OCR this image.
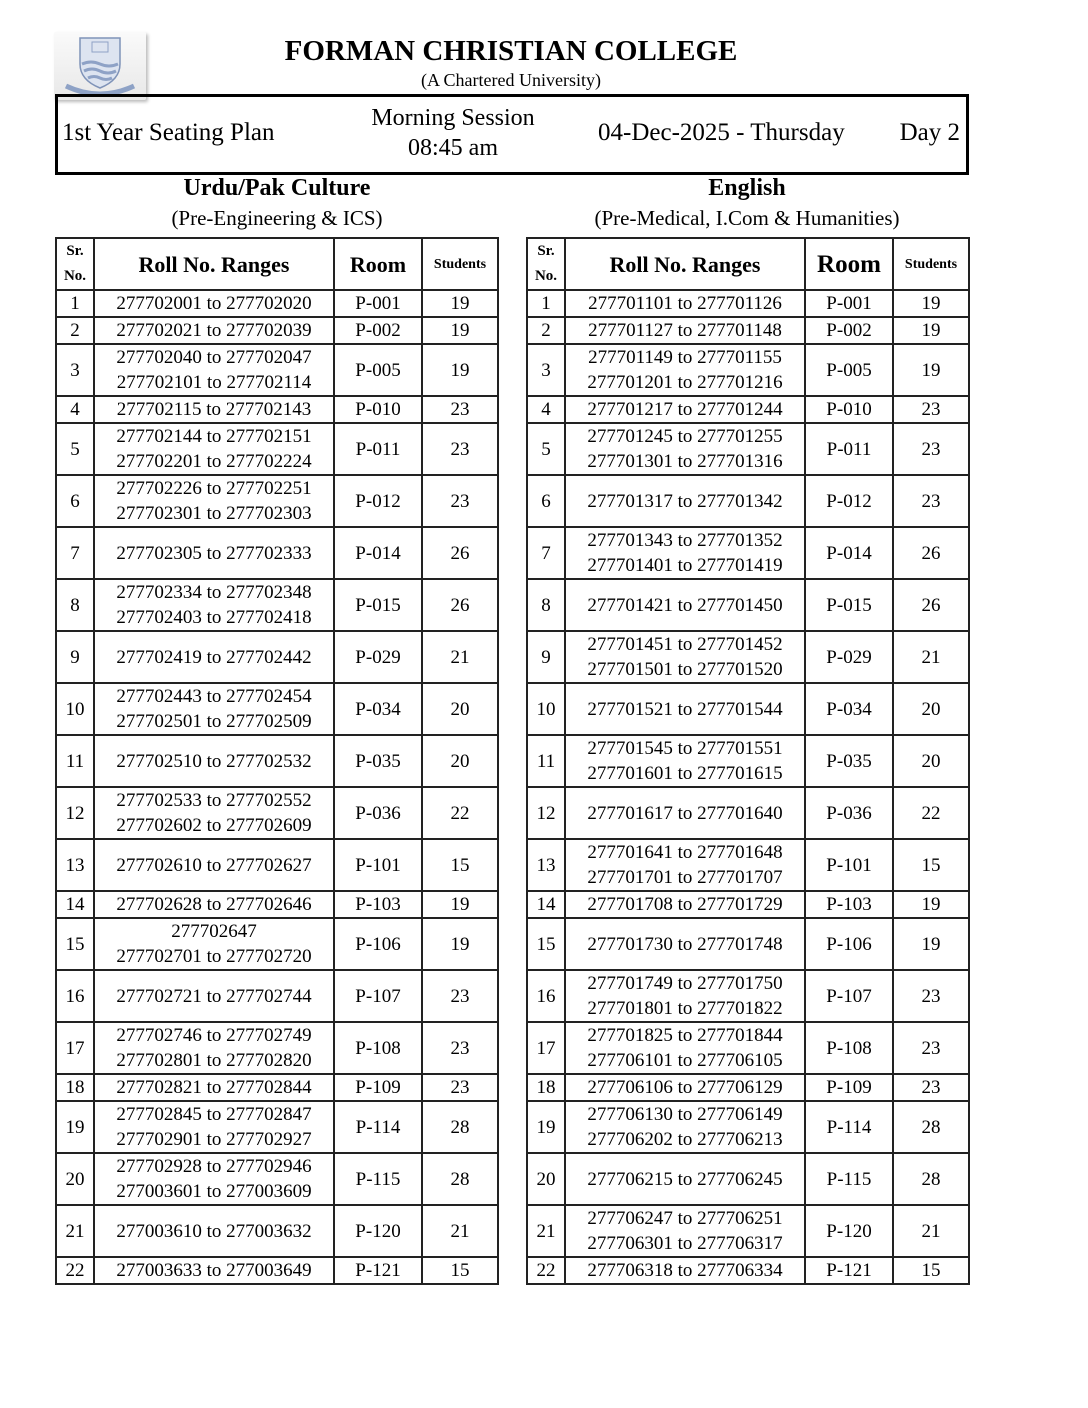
FORMAN CHRISTIAN COLLEGE
(A Chartered University)
1st Year Seating Plan
Morning Session
08:45 am
04-Dec-2025 - Thursday Day 2
Urdu/Pak Culture
(Pre-Engineering & ICS)
English
(Pre-Medical, I.Com & Humanities)
Sr.
No.	Roll No. Ranges	Room	Students
1	277702001 to 277702020	P-001	19
2	277702021 to 277702039	P-002	19
3	277702040 to 277702047
277702101 to 277702114	P-005	19
4	277702115 to 277702143	P-010	23
5	277702144 to 277702151
277702201 to 277702224	P-011	23
6	277702226 to 277702251
277702301 to 277702303	P-012	23
7	277702305 to 277702333	P-014	26
8	277702334 to 277702348
277702403 to 277702418	P-015	26
9	277702419 to 277702442	P-029	21
10	277702443 to 277702454
277702501 to 277702509	P-034	20
11	277702510 to 277702532	P-035	20
12	277702533 to 277702552
277702602 to 277702609	P-036	22
13	277702610 to 277702627	P-101	15
14	277702628 to 277702646	P-103	19
15	277702647
277702701 to 277702720	P-106	19
16	277702721 to 277702744	P-107	23
17	277702746 to 277702749
277702801 to 277702820	P-108	23
18	277702821 to 277702844	P-109	23
19	277702845 to 277702847
277702901 to 277702927	P-114	28
20	277702928 to 277702946
277003601 to 277003609	P-115	28
21	277003610 to 277003632	P-120	21
22	277003633 to 277003649	P-121	15
Sr.
No.	Roll No. Ranges	Room	Students
1	277701101 to 277701126	P-001	19
2	277701127 to 277701148	P-002	19
3	277701149 to 277701155
277701201 to 277701216	P-005	19
4	277701217 to 277701244	P-010	23
5	277701245 to 277701255
277701301 to 277701316	P-011	23
6	277701317 to 277701342	P-012	23
7	277701343 to 277701352
277701401 to 277701419	P-014	26
8	277701421 to 277701450	P-015	26
9	277701451 to 277701452
277701501 to 277701520	P-029	21
10	277701521 to 277701544	P-034	20
11	277701545 to 277701551
277701601 to 277701615	P-035	20
12	277701617 to 277701640	P-036	22
13	277701641 to 277701648
277701701 to 277701707	P-101	15
14	277701708 to 277701729	P-103	19
15	277701730 to 277701748	P-106	19
16	277701749 to 277701750
277701801 to 277701822	P-107	23
17	277701825 to 277701844
277706101 to 277706105	P-108	23
18	277706106 to 277706129	P-109	23
19	277706130 to 277706149
277706202 to 277706213	P-114	28
20	277706215 to 277706245	P-115	28
21	277706247 to 277706251
277706301 to 277706317	P-120	21
22	277706318 to 277706334	P-121	15
